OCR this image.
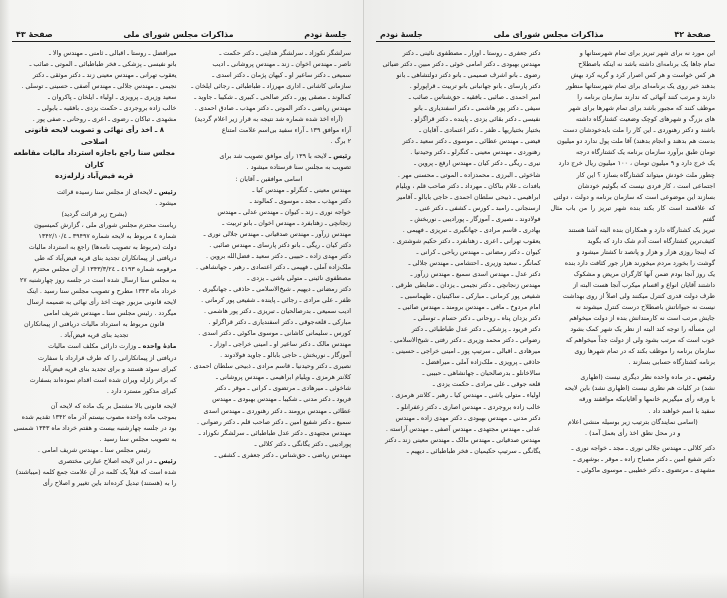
جلسهٔ نودم
مذاکرات مجلس شورای ملی
صفحهٔ ۴۳

سرلشگر نکوزاد ـ سرلشگر هدایتی ـ دکتر حکمت ـ

ناصر ـ مهندس اخوان ـ زند ـ مهندس پروشانی ـ ادیب

سمیعی ـ دکتر ساعیر او ـ کیهان پژمان ـ دکتر اسدی ـ

سازمانی کاشانی ـ اداری مهرزاد ـ طباطبائی ـ رجائی ایلخان ـ

کمالوند ـ مصقی پور ـ دکتر صالحی ـ کبیری ـ شکیبا ـ جاوید ـ

مهندس ریاضی ـ دکتر الموتی ـ دکتر مهذب ـ صادق احمدی .

(آراء اخذ شده شماره شد نتیجه به قرار زیر اعلام گردید)

آراء موافق ۱۳۹ ـ آراء سفید بی‌اسم علامت امتناع

۲ برگ .

رئیس ـ لایحه با ۱۳۹ رأی موافق تصویب شد برای

تصویب به مجلس سنا فرستاده میشود .

اسامی موافقین ـ آقایان :

مهندس معینی ـ کنگرلو ـ مهندس کیا ـ

دکتر مهذب ـ مجد ـ موسوی ـ کمالوند ـ

خواجه نوری ـ زند ـ کیوان ـ مهندس عدلی ـ مهندس

زنجانچی ـ زهتابفرد ـ مهندس اخوان ـ بانو تربیت ـ

مهندس زرآور ـ مهندس صدقیانی ـ مهندس جلالی نوری ـ

دکتر کیان ـ ریگی ـ بانو دکتر پارسای ـ مهندس صائبی .

دکتر مهدی زاده ـ حبیبی ـ دکتر سعید ـ فضل‌الله بروین .

ملک‌زاده آملی ـ فهیمی ـ دکتر اعتمادی ـ رهبر ـ جهانشاهی .

مصطفوی نائینی ـ متولی باشی ـ یزدی ـ

دکتر رمضانی ـ دیهیم ـ شیخ‌الاسلامی ـ حاذقی ـ جهانگیری .

ظفر ـ علی مرادی ـ رجائی ـ پاینده ـ شفیعی پور کرمانی .

ادیب سمیعی ـ بدرصالحیان ـ تبریزی ـ دکتر پور هاشمی .

مبارکی ـ قلعه‌جوقی ـ دکتر اسفندیاری ـ دکتر قراگزلو .

کورس ـ سلیمانی کاشانی ـ موسوی ماکوئی ـ دکتر اسدی .

مهندس مالک ـ دکتر ساعیر او ـ امینی خراجی ـ اوزار ـ

آموزگار ـ نوربخش ـ حاجی بابالو ـ جاوید فولادوند .

نصیری ـ دکتر وحیدنیا ـ قاسم مرادی ـ ذبیحی سلطان احمدی .

کلانتر هرمزی ـ ویلیام ابراهیمی ـ مهندس پروشانی ـ

شاخوئی ـ میرهادی ـ مرتضوی ـ کرانی ـ موقر ـ دکتر

فریود ـ دکتر مدنی ـ شکیبا ـ مهندس بهبودی ـ مهندس

عطائی ـ مهندس برومند ـ دکتر رهنوردی ـ مهندس اسدی

سمیع ـ دکتر شفیع امین ـ دکتر صاحب قلم ـ دکتر رضوانی .

مهندس مجتهدی ـ دکتر عدل طباطبائی ـ سرلشگر نکوزاد ـ

پورادیبی ـ دکتر یگانگی ـ دکتر کلالی ـ

مهندس ریاضی ـ حق‌شناس ـ دکتر جعفری ـ کشفی ـ

میرافضل ـ روستا ـ اقبالی ـ ثامنی ـ مهندس والا ـ

بانو نفیسی ـ پزشکی ـ فخر طباطبائی ـ الموتی ـ صائب ـ

یعقوب تهرانی ـ مهندس معینی زند ـ دکتر موثقی ـ دکتر

نجیمی ـ مهندس جلالی ـ مهندس آصفی ـ حسینی ـ توسلی .

سعید وزیری ـ پرویزی ـ اولیاء ـ ایلخان ـ پاکروان ـ

خالب زاده بروجردی ـ حکمت یزدی ـ بافقیه ـ بابولی ـ

مشهدی ـ تباکان ـ رضوی ـ اعری ـ روحانی ـ صفی پور .

۸ ـ اخذ رأی نهائی و تصویب لایحه قانونی اصلاحی

مجلس سنا راجع باجازه استرداد مالیات مقاطعه کاران

قریه فیض‌آباد زلزله‌زده

رئیس ـ لایحه‌ای از مجلس سنا رسیده قرائت

میشود .

(بشرح زیر قرائت گردید)

ریاست محترم مجلس شورای ملی ، گزارش کمیسیون

شماره ٤ مربوط به لایحه شماره ۳۹۴۹۷ ـ ۱۳۴۲/۱۰/٤

دولت (مربوط به تصویب نامه‌ها) راجع به استرداد مالیات

دریافتی از پیمانکاران تجدید بنای قریه فیض‌آباد که طی

مرقومه شماره ٤١٩٣ ـ ۱۳۴۳/۳/۲٤ از آن مجلس محترم

به مجلس سنا ارسال شده است در جلسه روز چهارشنبه ۲۷

خرداد ماه ۱۳۴۳ مطرح و تصویب مجلس سنا رسید . اینک

لایحه قانونی مزبور جهت اخذ رأی نهائی به ضمیمه ارسال

میگردد . رئیس مجلس سنا ـ مهندس شریف امامی

قانون مربوط به استرداد مالیات دریافتی از پیمانکاران

تجدید بنای قریه فیض‌آباد .

مادهٔ واحده ـ وزارت دارائی مکلف است مالیات

دریافتی از پیمانکارانی را که طرف قرارداد با سفارت

کبرای سوئد هستند و برای تجدید بنای قریه فیض‌آباد

که براثر زلزله ویران شده است اقدام نموده‌اند بسفارت

کبرای مذکور مسترد دارد .

لایحه قانونی بالا مشتمل بر یک ماده که لایحه آن

بموجب ماده واحده مصوب بیستم آذر ماه ۱۳۴۲ تقدیم شده

بود در جلسه چهارشنبه بیست و هفتم خرداد ماه ۱۳۴۳ شمسی

به تصویب مجلس سنا رسید .

رئیس مجلس سنا ـ مهندس شریف امامی .

رئیس ـ در این لایحه اصلاح عبارتی مختصری

شده است که قبلاً یک کلمه در آن علامت جمع کلمه (میباشند)

را به (هستند) تبدیل کرده‌اند باین تغییر و اصلاح رأی

صفحهٔ ۴۲
مذاکرات مجلس شورای ملی
جلسهٔ نودم

این مورد نه برای شهر تبریز برای تمام شهرستانها و

تمام جاها یک برنامه‌ای داشته باشد نه اینکه باصطلاح

هر کس خواست و هر کس اصرار کرد و گریه کرد بهش

بدهند خیر روی یک برنامه‌ای برای تمام شهرستانها منظور

دارند و مرتب کنند آنهائی که ندارند سازمان برنامه را

موظف کنند که مجبور باشد برای تمام شهرها برای شهر

های بزرگ و شهرهای کوچک وضعیت کشتارگاه داشته

باشند و دکتر رهنوردی ـ این کار را ملت بایدخودشان دست

بدست هم بدهند و انجام بدهند) آقا ملت پول ندارد دو میلیون

تومان طبق برآورد سازمان برنامه یک کشتارگاه درجه

یک خرج دارد و ۹ میلیون تومان ، ۱۰۰ میلیون ریال خرج دارد

چطور ملت خودش میتواند کشتارگاه بسازد ؟ این کار

اجتماعی است ، کار فردی نیست که بگوئیم خودشان

بسازند این موضوعی است که سازمان برنامه و دولت ، دولتی

که علاقمند است کار بکند بنده شهر تبریز را من باب مثال گفتم

تبریز یک کشتارگاه دارد و همکاران بنده البته آشنا هستند

کثیف‌ترین کشتارگاه است آدم شک دارد که بگوید

که اینجا روزی هزار و هزار و پانصد تا کشتار میشود و

گوشت را بخورد مردم میخورند هزار جور کثافت دارد بنده

یک روز آنجا بودم ضمن آنها کارگران مریض و مشکوک

داشتند آقایان انواع و اقسام میکرب آنجا هست البته از

طرف دولت قدری کنترل میکنند ولی اصلاً از روی بهداشت

نیست نه حیواناتش باصطلاح درست کنترل میشوند نه

جایش مرتب است نه کارمندانش بنده از دولت میخواهم

این مسأله را توجه کند البته از نظر یک شهر کمک بشود

خوب است که مرتب بشود ولی از دولت جداً میخواهم که

سازمان برنامه را موظف بکند که در تمام شهرها روی

برنامه کشتارگاه حسابی بسازند .

رئیس ـ در ماده واحده نظر دیگری نیست (اظهاری

نشد) در کلیات هم نظری نیست (اظهاری نشد) باین لایحه

با ورقه رأی میگیریم خانمها و آقایانیکه موافقند ورقه

سفید با اسم خواهند داد .

(اسامی نمایندگان بترتیب زیر بوسیله منشی اعلام

و در محل نطق اخذ رأی بعمل آمد) .

دکتر کلالی ـ مهندس جلالی نوری ـ مجد ـ خواجه نوری ـ

دکتر شفیع امین ـ دکتر مصباح زاده ـ موقر ـ بوشهری ـ

مشهدی ـ مرتضوی ـ دکتر خطیبی ـ موسوی ماکوئی ـ

دکتر جعفری ـ روستا ـ اوزار ـ مصطفوی نائینی ـ دکتر

مهندس بهبودی ـ دکتر امامی خوئی ـ دکتر مبین ـ دکتر ضیائی

رضوی ـ بانو اشرف صمیمی ـ بانو دکتر دولتشاهی ـ بانو

دکتر پارسای ـ بانو جهانبانی بانو تربیت ـ قراپورلو .

امیر احمدی ـ صائبی ـ بافقیه ـ حق‌شناس ـ صائب ـ

سیفی ـ دکتر پور هاشمی ـ دکتر اسفندیاری ـ بانو

نفیسی ـ دکتر بقائی یزدی ـ پاینده ـ دکتر قراگزلو .

بختیار بختیاریها ـ ظفر ـ دکتر اعتمادی ـ آقایان ـ

فیضی ـ مهندس عطائی ـ موسوی ـ دکتر سعید ـ دکتر

رهنوردی ـ مهندس معینی ـ کنگرلو ـ دکتر وحیدنیا .

نیری ـ ریگی ـ دکتر کیان ـ مهندس ارفع ـ پروین ـ

شاخوئی ـ البرزی ـ محمدزاده ـ الموتی ـ محسنی مهر .

بافدات ـ غلام بناکان ـ مهرداد ـ دکتر صاحب قلم ، ویلیام

ابراهیمی ـ ذبیحی سلطان احمدی ـ حاجی بابالو ـ آقامیر

ارسنجانی ـ رامبد ـ کورس ـ کشفی ـ دکتر غنی ـ

فولادوند ـ نصیری ـ آموزگار ـ پورادیبی ـ نوربخش ـ

بهادری ـ قاسم مرادی ـ جهانگیری ـ تبریزی ـ فهیمی .

یعقوب تهرانی ـ اعری ـ زهتابفرد ـ دکتر حکیم شوشتری .

کیوان ـ دکتر رمضانی ـ مهندس ریاحی ـ کرانی ـ

کمانگر ـ سعید وزیری ـ احتشامی ـ مهندس جلالی ـ

دکتر عدل ـ مهندس اسدی سمیع ـ مهندس زرآور ـ

مهندس زنجانچی ـ دکتر نجیمی ـ یزدان ـ ضابطی طرقی .

شفیعی پور کرمانی ـ مبارکی ـ ساکینیان ـ طهماسبی ـ

امام مردوخ ـ مافی ـ مهندس برومند ـ مهندس صائبی ـ

دکتر یزدان پناه ـ روحانی ـ دکتر حسام ـ توسلی ـ

دکتر فریود ـ پزشکی ـ دکتر عدل طباطبائی ـ دکتر

رضوانی ـ دکتر محمد وزیری ـ دکتر رفتی ـ شیخ‌الاسلامی .

میرهادی ـ اقبالی ـ سرتیپ پور ـ امینی خراجی ـ حسینی .

حاذقی ـ پرویزی ـ ملک‌زاده آملی ـ میرافضل ـ

سالاخانلو ـ بدرصالحیان ـ جهانشاهی ـ حبیبی ـ

قلعه جوقی ـ علی مرادی ـ حکمت یزدی ـ

اولیاء ـ متولی باشی ـ مهندس کیا ـ رهبر ـ کلانتر هرمزی .

خالب زاده بروجردی ـ مهندس اصاری ـ دکتر زعفرانلو ـ

دکتر مدنی ـ مهندس بهبودی ـ دکتر مهدی زاده ـ مهندس

عدلی ـ مهندس مجتهدی ـ مهندس آصفی ـ مهندس آراسته .

مهندس صدقیانی ـ مهندس مالک ـ مهندس معینی زند ـ دکتر

یگانگی ـ سرتیپ حکیمیان ـ فخر طباطبائی ـ دیهیم ـ
